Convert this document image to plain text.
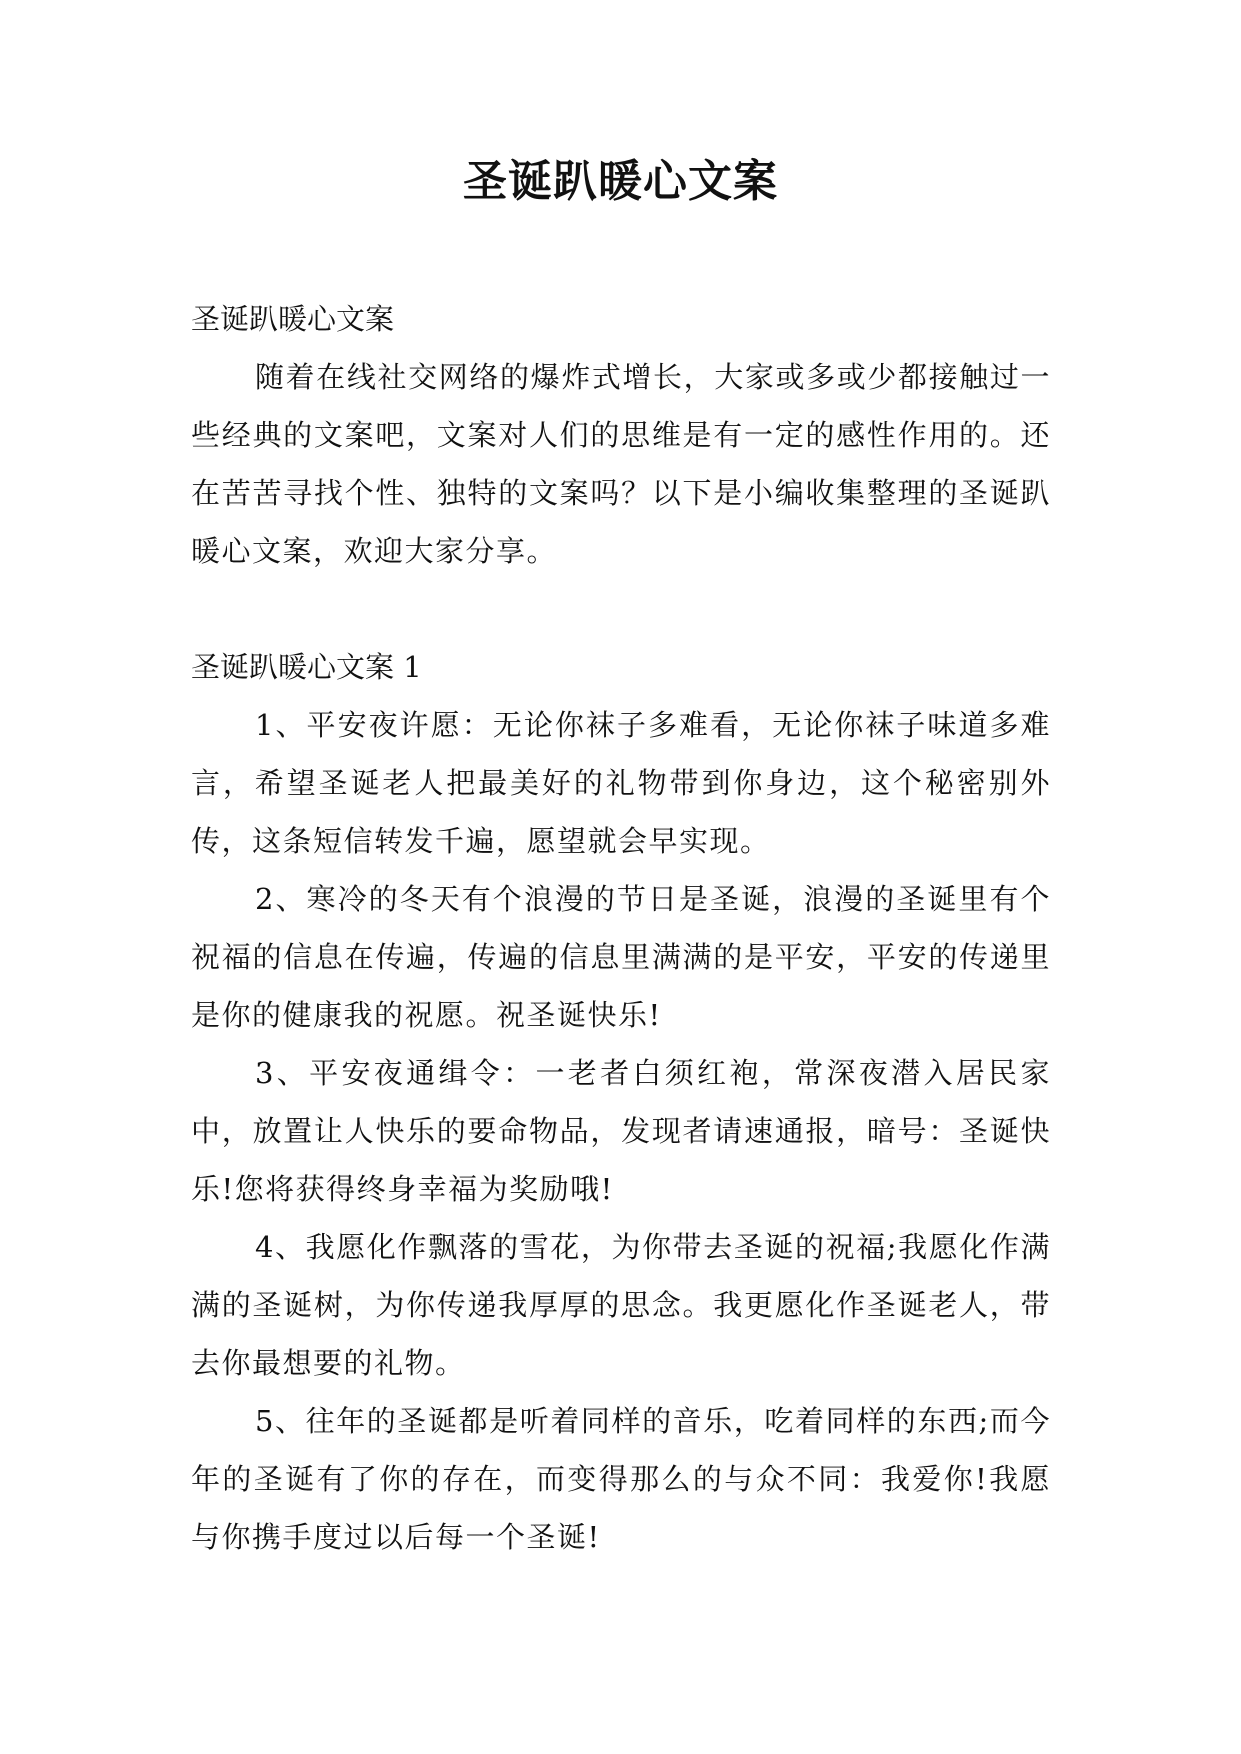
圣诞趴暖心文案

圣诞趴暖心文案

随着在线社交网络的爆炸式增长，大家或多或少都接触过一些经典的文案吧，文案对人们的思维是有一定的感性作用的。还在苦苦寻找个性、独特的文案吗？以下是小编收集整理的圣诞趴暖心文案，欢迎大家分享。

圣诞趴暖心文案 1

1、平安夜许愿：无论你袜子多难看，无论你袜子味道多难言，希望圣诞老人把最美好的礼物带到你身边，这个秘密别外传，这条短信转发千遍，愿望就会早实现。

2、寒冷的冬天有个浪漫的节日是圣诞，浪漫的圣诞里有个祝福的信息在传遍，传遍的信息里满满的是平安，平安的传递里是你的健康我的祝愿。祝圣诞快乐!

3、平安夜通缉令：一老者白须红袍，常深夜潜入居民家中，放置让人快乐的要命物品，发现者请速通报，暗号：圣诞快乐!您将获得终身幸福为奖励哦!

4、我愿化作飘落的雪花，为你带去圣诞的祝福;我愿化作满满的圣诞树，为你传递我厚厚的思念。我更愿化作圣诞老人，带去你最想要的礼物。

5、往年的圣诞都是听着同样的音乐，吃着同样的东西;而今年的圣诞有了你的存在，而变得那么的与众不同：我爱你!我愿与你携手度过以后每一个圣诞!
